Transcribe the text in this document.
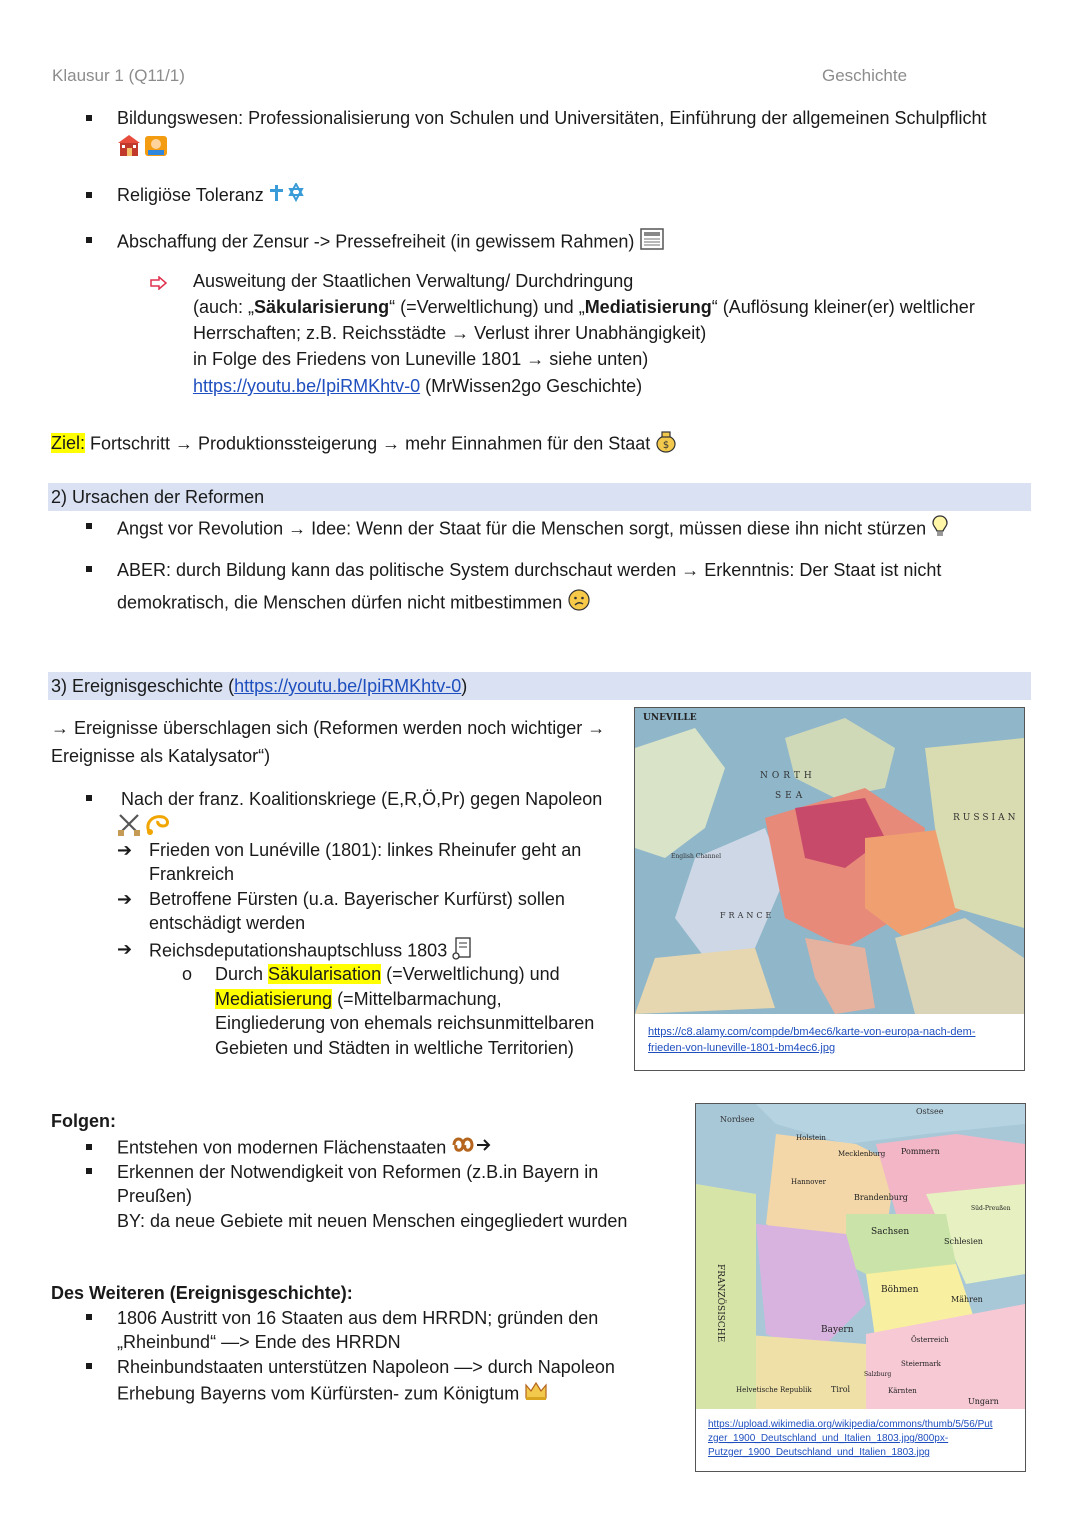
Klausur 1 (Q11/1)	Geschichte
Bildungswesen: Professionalisierung von Schulen und Universitäten, Einführung der allgemeinen Schulpflicht
Religiöse Toleranz
Abschaffung der Zensur -> Pressefreiheit (in gewissem Rahmen)
Ausweitung der Staatlichen Verwaltung/ Durchdringung
(auch: „Säkularisierung“ (=Verweltlichung) und „Mediatisierung“ (Auflösung kleiner(er) weltlicher
Herrschaften; z.B. Reichsstädte → Verlust ihrer Unabhängigkeit)
in Folge des Friedens von Luneville 1801 → siehe unten)
https://youtu.be/IpiRMKhtv-0 (MrWissen2go Geschichte)
Ziel: Fortschritt → Produktionssteigerung → mehr Einnahmen für den Staat $
2) Ursachen der Reformen
Angst vor Revolution → Idee: Wenn der Staat für die Menschen sorgt, müssen diese ihn nicht stürzen
ABER: durch Bildung kann das politische System durchschaut werden → Erkenntnis: Der Staat ist nicht
demokratisch, die Menschen dürfen nicht mitbestimmen
3) Ereignisgeschichte (https://youtu.be/IpiRMKhtv-0)
→ Ereignisse überschlagen sich (Reformen werden noch wichtiger →
Ereignisse als Katalysator“)
Nach der franz. Koalitionskriege (E,R,Ö,Pr) gegen Napoleon
➔ Frieden von Lunéville (1801): linkes Rheinufer geht an
Frankreich
➔ Betroffene Fürsten (u.a. Bayerischer Kurfürst) sollen
entschädigt werden
➔ Reichsdeputationshauptschluss 1803
o Durch Säkularisation (=Verweltlichung) und
Mediatisierung (=Mittelbarmachung,
Eingliederung von ehemals reichsunmittelbaren
Gebieten und Städten in weltliche Territorien)
UNEVILLE
NORTH
SEA
RUSSIAN
FRANCE
English Channel
https://c8.alamy.com/compde/bm4ec6/karte-von-europa-nach-dem-
frieden-von-luneville-1801-bm4ec6.jpg
Folgen:
Entstehen von modernen Flächenstaaten
Erkennen der Notwendigkeit von Reformen (z.B.in Bayern in
Preußen)
BY: da neue Gebiete mit neuen Menschen eingegliedert wurden
Des Weiteren (Ereignisgeschichte):
1806 Austritt von 16 Staaten aus dem HRRDN; gründen den
„Rheinbund“ —> Ende des HRRDN
Rheinbundstaaten unterstützen Napoleon —> durch Napoleon
Erhebung Bayerns vom Kürfürsten- zum Königtum
Nordsee
Ostsee
Holstein
Mecklenburg Pommern
Hannover
Brandenburg
Sachsen
Schlesien
Böhmen
Mähren
Bayern
Tirol	Kärnten
Salzburg
Steiermark
Österreich
Ungarn
FRANZÖSISCHE
Helvetische Republik
Süd-Preußen
https://upload.wikimedia.org/wikipedia/commons/thumb/5/56/Put
zger_1900_Deutschland_und_Italien_1803.jpg/800px-
Putzger_1900_Deutschland_und_Italien_1803.jpg
